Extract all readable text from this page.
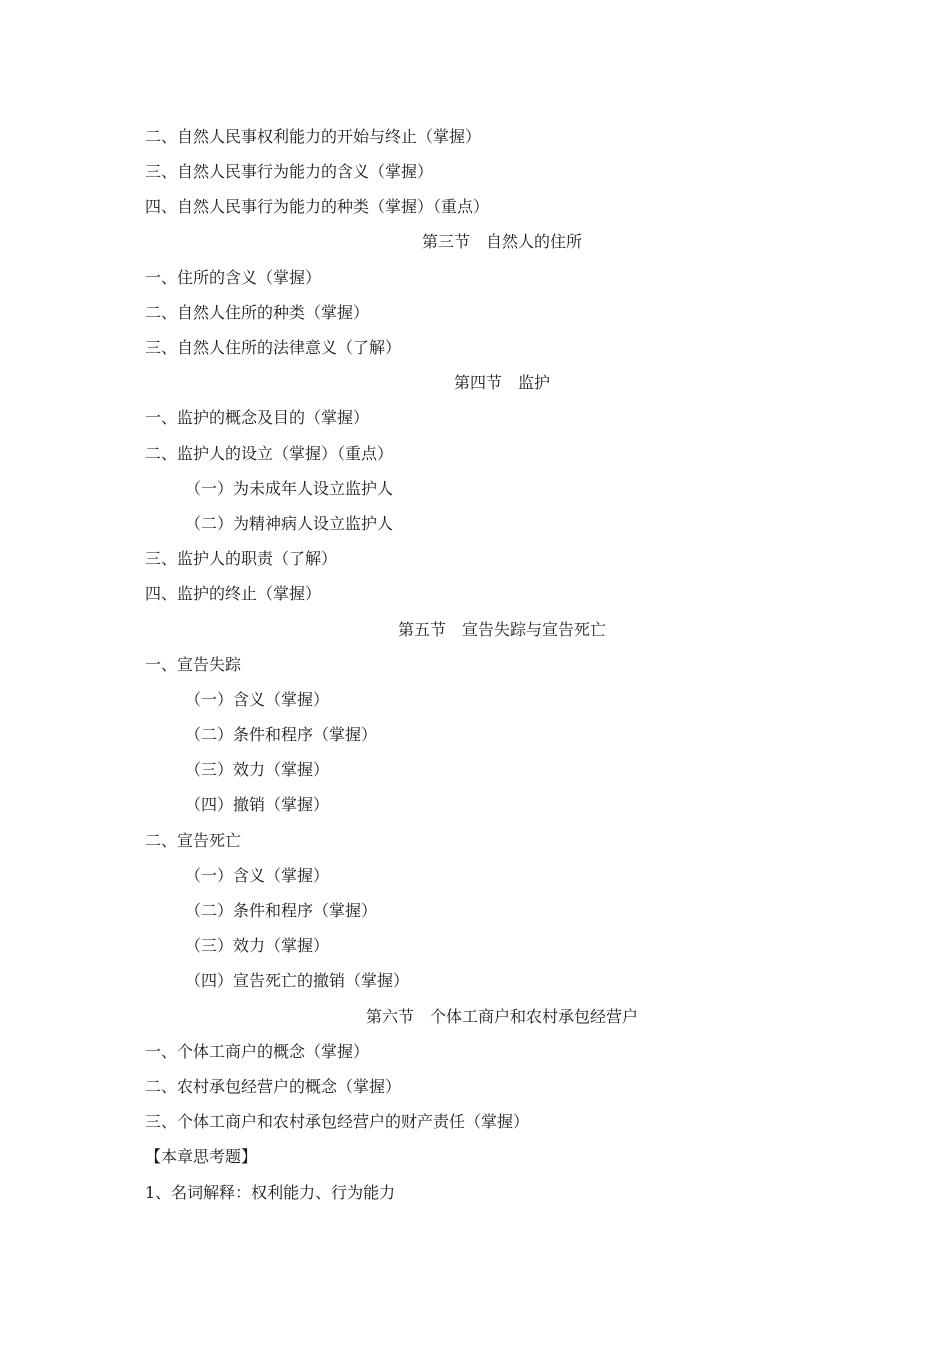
二、自然人民事权利能力的开始与终止（掌握）
三、自然人民事行为能力的含义（掌握）
四、自然人民事行为能力的种类（掌握）（重点）
第三节　自然人的住所
一、住所的含义（掌握）
二、自然人住所的种类（掌握）
三、自然人住所的法律意义（了解）
第四节　监护
一、监护的概念及目的（掌握）
二、监护人的设立（掌握）（重点）
（一）为未成年人设立监护人
（二）为精神病人设立监护人
三、监护人的职责（了解）
四、监护的终止（掌握）
第五节　宣告失踪与宣告死亡
一、宣告失踪
（一）含义（掌握）
（二）条件和程序（掌握）
（三）效力（掌握）
（四）撤销（掌握）
二、宣告死亡
（一）含义（掌握）
（二）条件和程序（掌握）
（三）效力（掌握）
（四）宣告死亡的撤销（掌握）
第六节　个体工商户和农村承包经营户
一、个体工商户的概念（掌握）
二、农村承包经营户的概念（掌握）
三、个体工商户和农村承包经营户的财产责任（掌握）
【本章思考题】
1、名词解释：权利能力、行为能力
